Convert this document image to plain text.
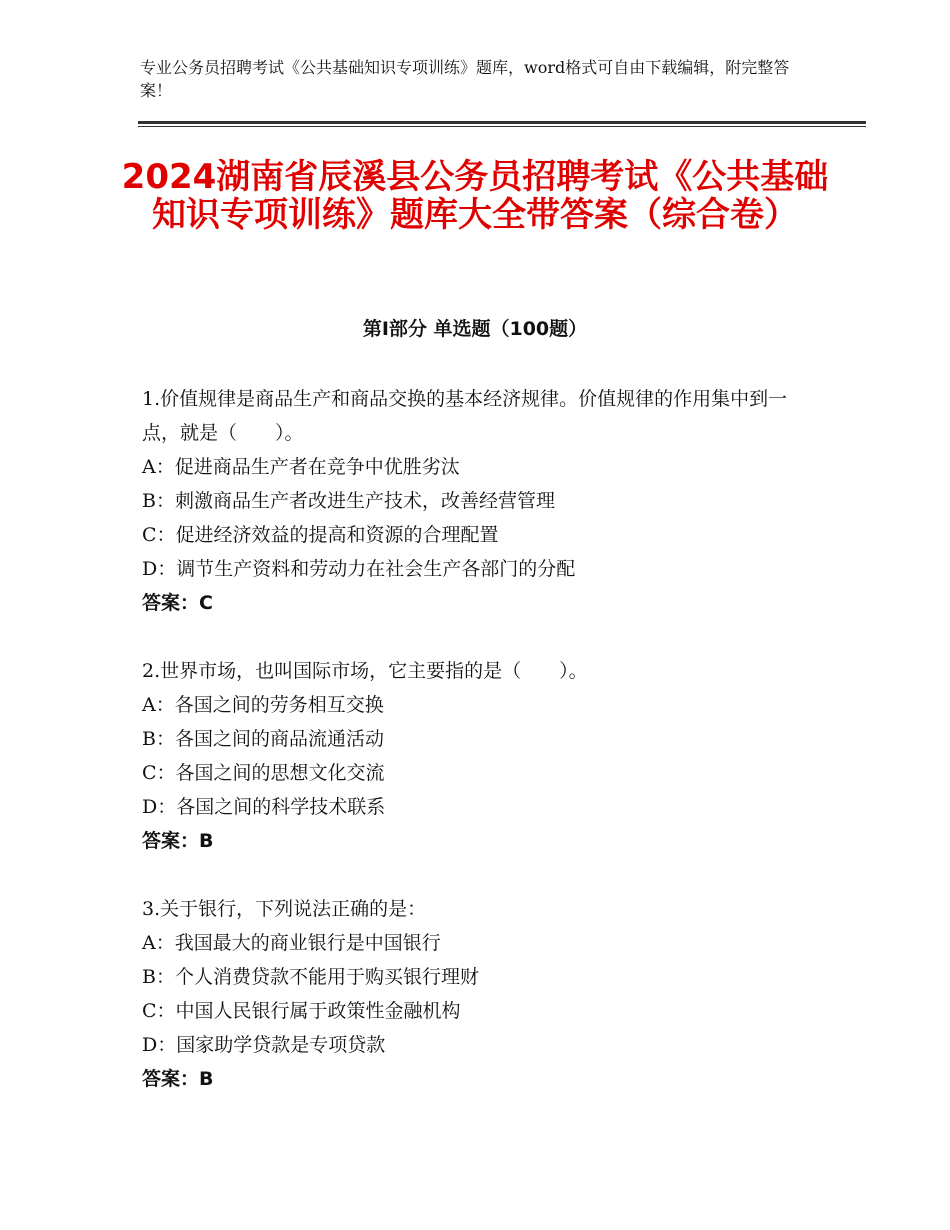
专业公务员招聘考试《公共基础知识专项训练》题库，word格式可自由下载编辑，附完整答案！
2024湖南省辰溪县公务员招聘考试《公共基础知识专项训练》题库大全带答案（综合卷）
第Ⅰ部分 单选题（100题）

1.价值规律是商品生产和商品交换的基本经济规律。价值规律的作用集中到一点，就是（　　）。

A：促进商品生产者在竞争中优胜劣汰

B：刺激商品生产者改进生产技术，改善经营管理

C：促进经济效益的提高和资源的合理配置

D：调节生产资料和劳动力在社会生产各部门的分配

答案：C

2.世界市场，也叫国际市场，它主要指的是（　　）。

A：各国之间的劳务相互交换

B：各国之间的商品流通活动

C：各国之间的思想文化交流

D：各国之间的科学技术联系

答案：B

3.关于银行，下列说法正确的是：

A：我国最大的商业银行是中国银行

B：个人消费贷款不能用于购买银行理财

C：中国人民银行属于政策性金融机构

D：国家助学贷款是专项贷款

答案：B
